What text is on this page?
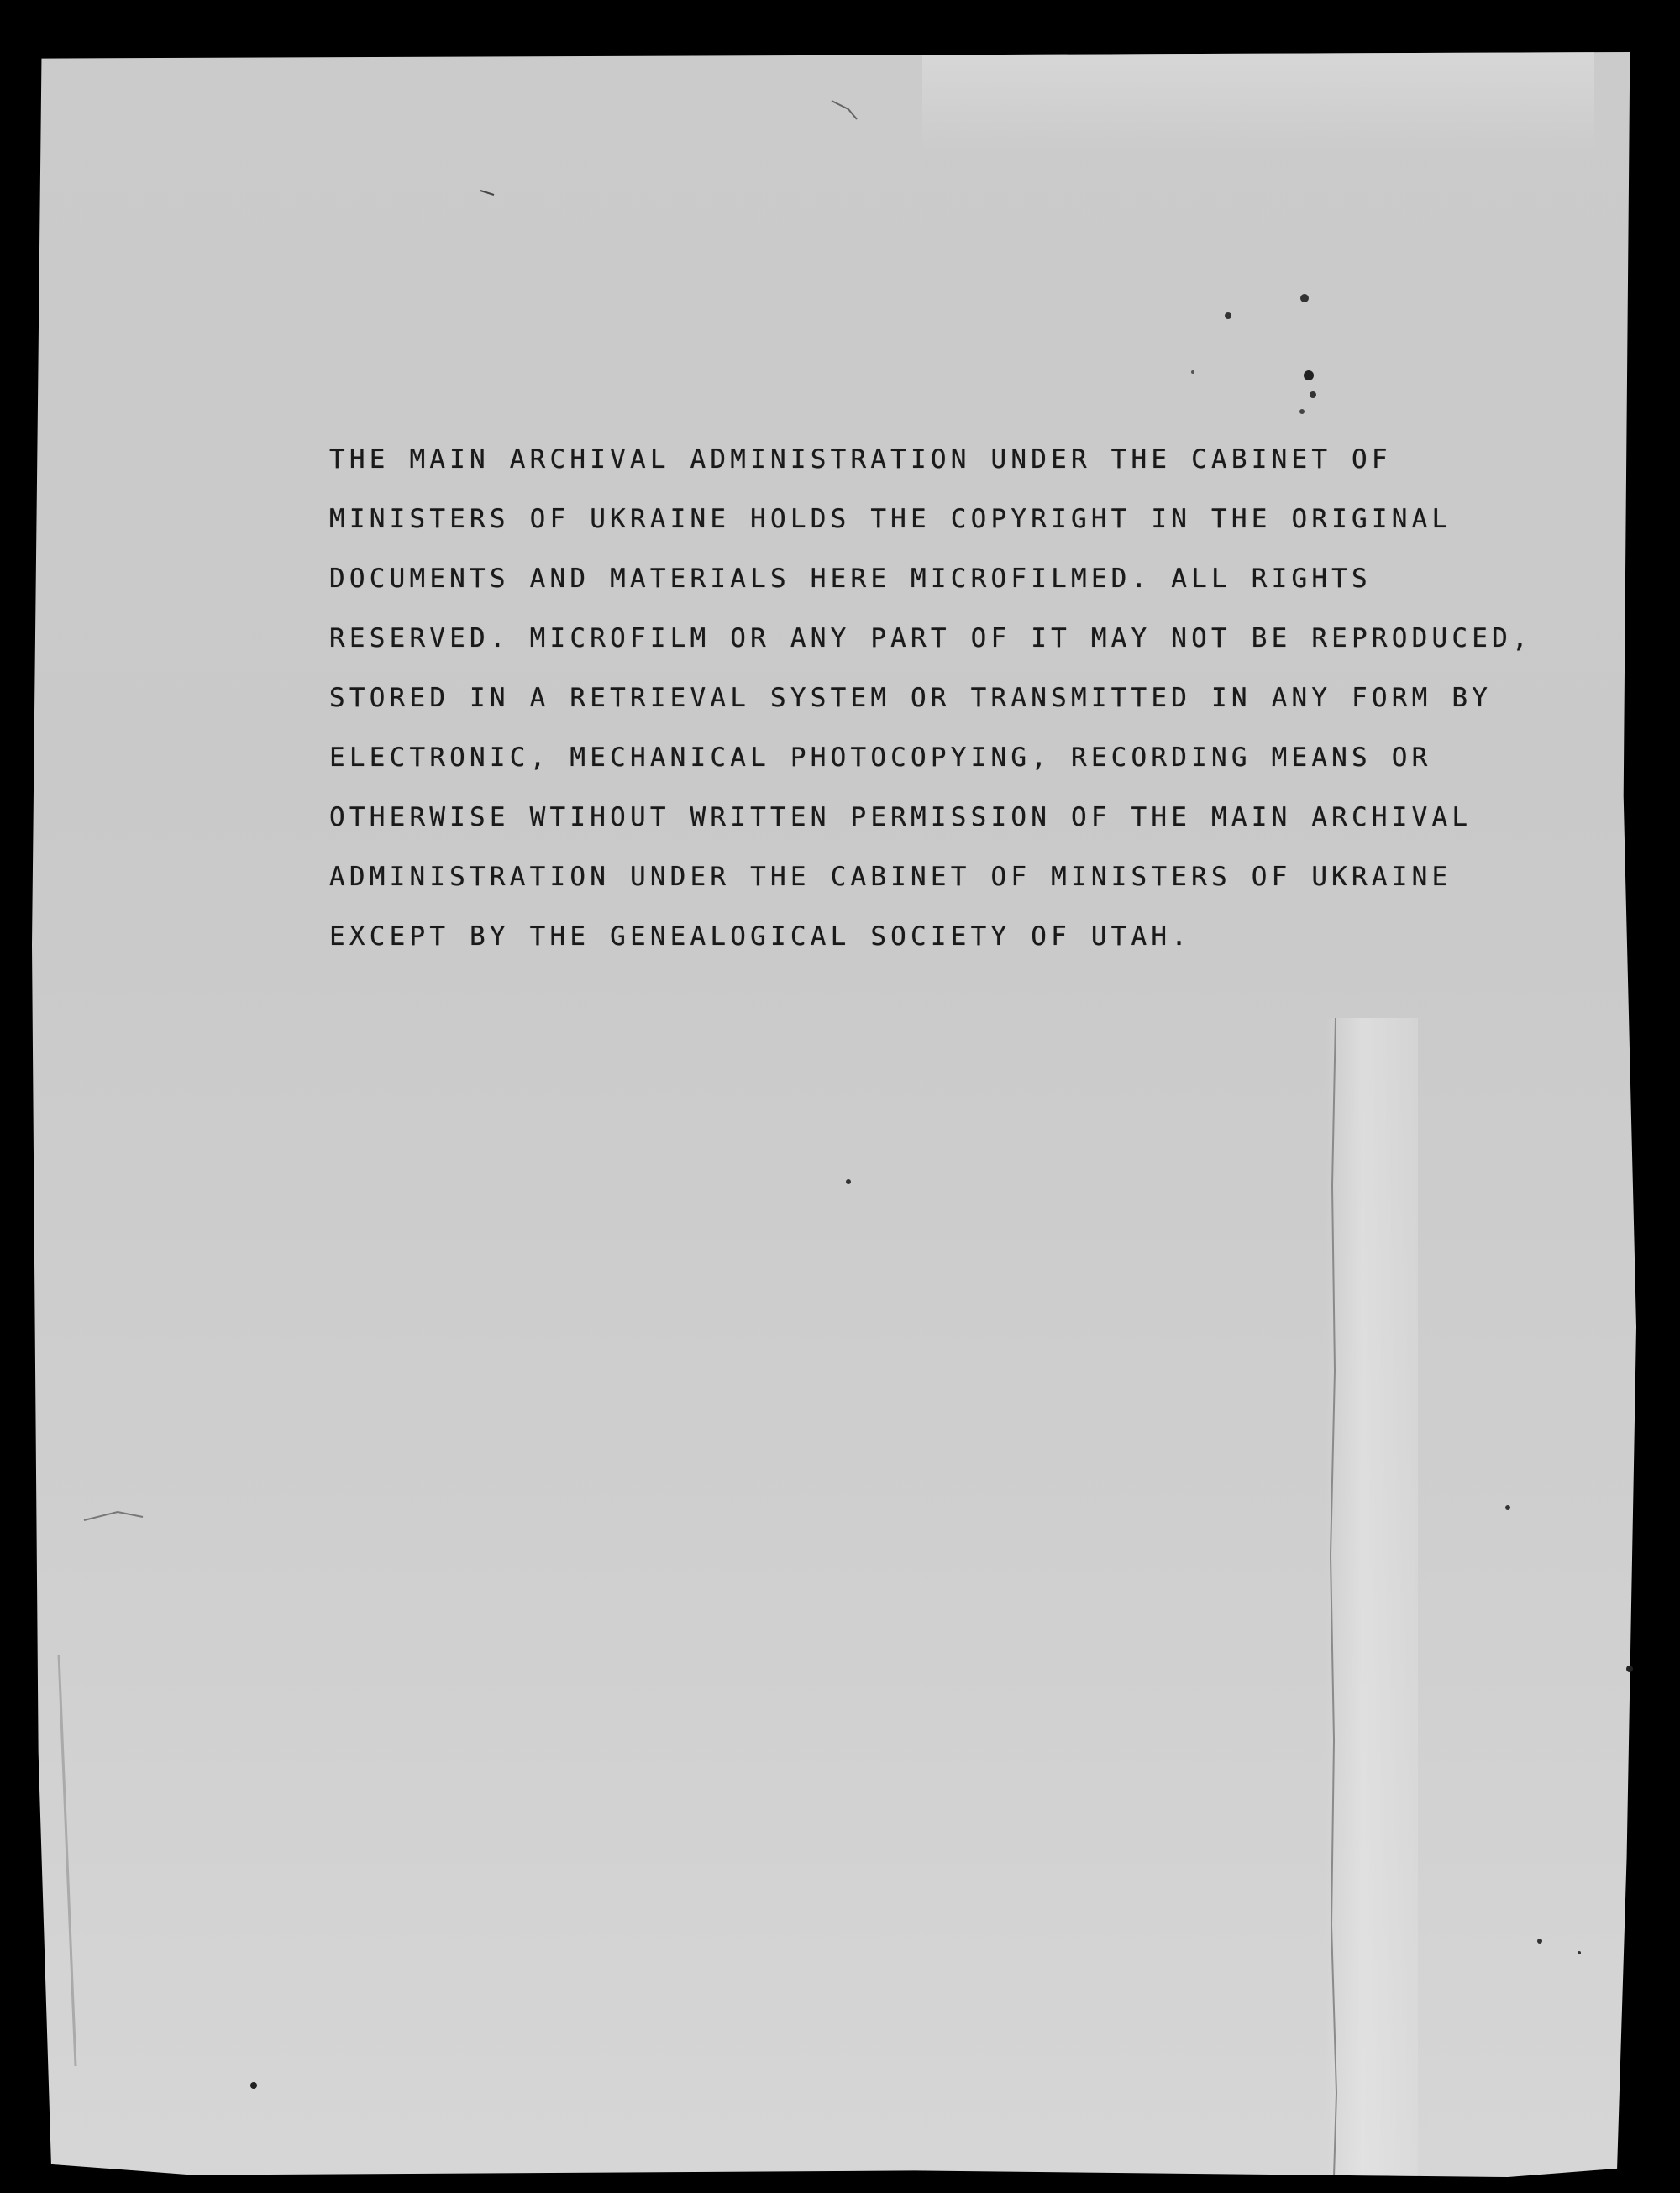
THE MAIN ARCHIVAL ADMINISTRATION UNDER THE CABINET OF
MINISTERS OF UKRAINE HOLDS THE COPYRIGHT IN THE ORIGINAL
DOCUMENTS AND MATERIALS HERE MICROFILMED. ALL RIGHTS
RESERVED. MICROFILM OR ANY PART OF IT MAY NOT BE REPRODUCED,
STORED IN A RETRIEVAL SYSTEM OR TRANSMITTED IN ANY FORM BY
ELECTRONIC, MECHANICAL PHOTOCOPYING, RECORDING MEANS OR
OTHERWISE WTIHOUT WRITTEN PERMISSION OF THE MAIN ARCHIVAL
ADMINISTRATION UNDER THE CABINET OF MINISTERS OF UKRAINE
EXCEPT BY THE GENEALOGICAL SOCIETY OF UTAH.
